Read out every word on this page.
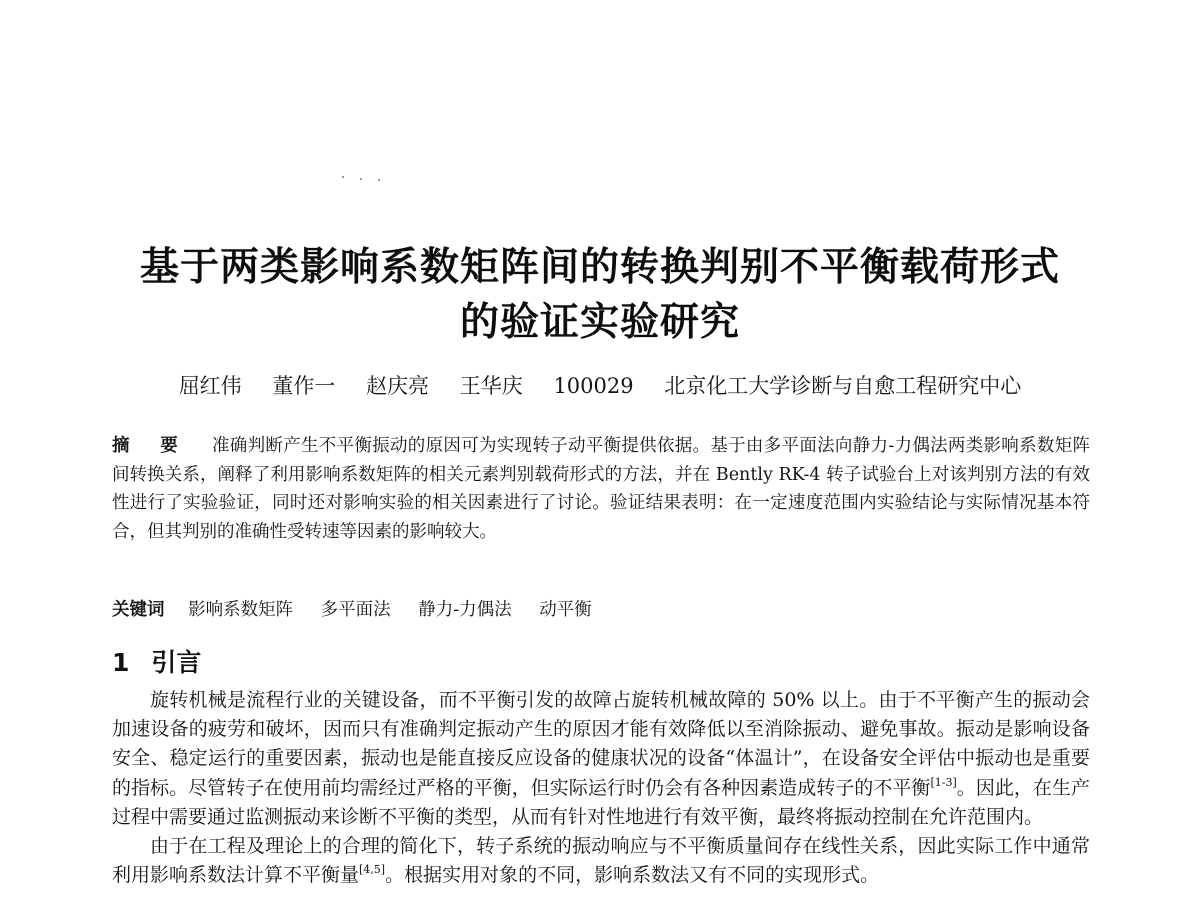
基于两类影响系数矩阵间的转换判别不平衡载荷形式
的验证实验研究
屈红伟 董作一 赵庆亮 王华庆 100029 北京化工大学诊断与自愈工程研究中心
摘 要 准确判断产生不平衡振动的原因可为实现转子动平衡提供依据。基于由多平面法向静力-力偶法两类影响系数矩阵间转换关系，阐释了利用影响系数矩阵的相关元素判别载荷形式的方法，并在 Bently RK-4 转子试验台上对该判别方法的有效性进行了实验验证，同时还对影响实验的相关因素进行了讨论。验证结果表明：在一定速度范围内实验结论与实际情况基本符合，但其判别的准确性受转速等因素的影响较大。
关键词 影响系数矩阵 多平面法 静力-力偶法 动平衡
1 引言

旋转机械是流程行业的关键设备，而不平衡引发的故障占旋转机械故障的 50% 以上。由于不平衡产生的振动会加速设备的疲劳和破坏，因而只有准确判定振动产生的原因才能有效降低以至消除振动、避免事故。振动是影响设备安全、稳定运行的重要因素，振动也是能直接反应设备的健康状况的设备“体温计”，在设备安全评估中振动也是重要的指标。尽管转子在使用前均需经过严格的平衡，但实际运行时仍会有各种因素造成转子的不平衡[1-3]。因此，在生产过程中需要通过监测振动来诊断不平衡的类型，从而有针对性地进行有效平衡，最终将振动控制在允许范围内。

由于在工程及理论上的合理的简化下，转子系统的振动响应与不平衡质量间存在线性关系，因此实际工作中通常利用影响系数法计算不平衡量[4,5]。根据实用对象的不同，影响系数法又有不同的实现形式。
